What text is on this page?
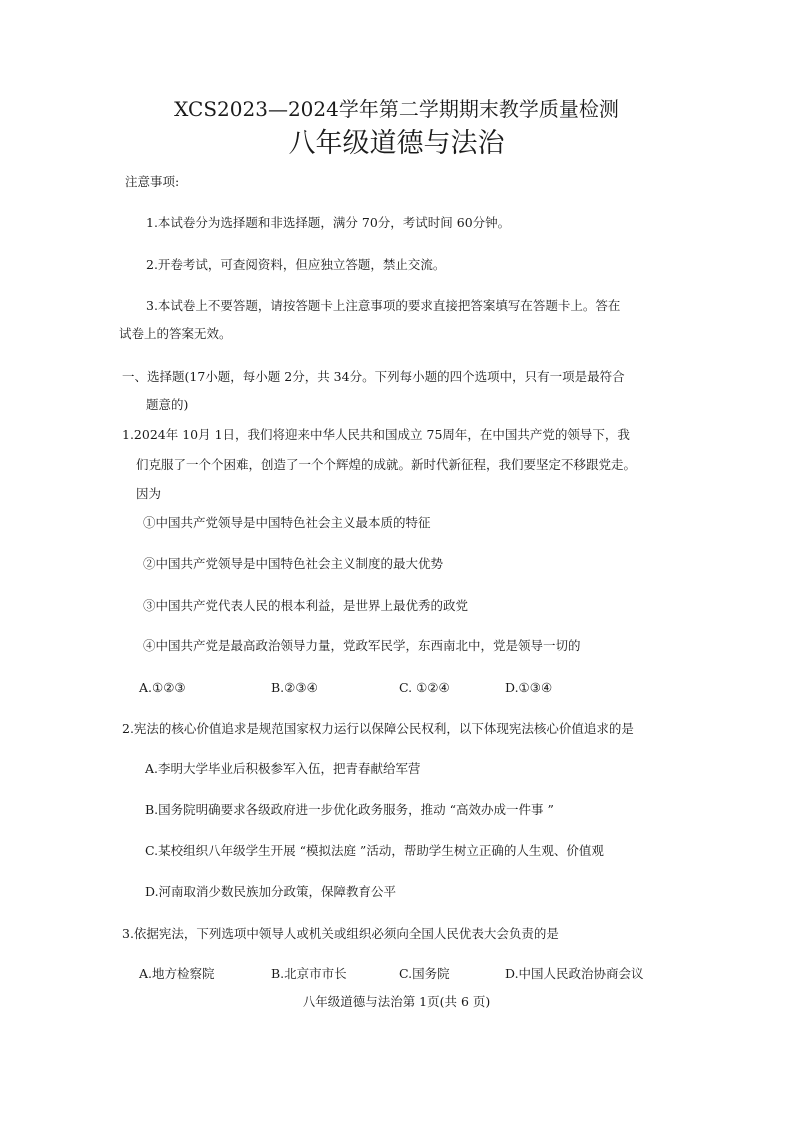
XCS2023—2024学年第二学期期末教学质量检测
八年级道德与法治
注意事项:
1.本试卷分为选择题和非选择题，满分 70分，考试时间 60分钟。
2.开卷考试，可查阅资料，但应独立答题，禁止交流。
3.本试卷上不要答题，请按答题卡上注意事项的要求直接把答案填写在答题卡上。答在
试卷上的答案无效。
一、选择题(17小题，每小题 2分，共 34分。下列每小题的四个选项中，只有一项是最符合
题意的)
1.2024年 10月 1日，我们将迎来中华人民共和国成立 75周年，在中国共产党的领导下，我
们克服了一个个困难，创造了一个个辉煌的成就。新时代新征程，我们要坚定不移跟党走。
因为
①中国共产党领导是中国特色社会主义最本质的特征
②中国共产党领导是中国特色社会主义制度的最大优势
③中国共产党代表人民的根本利益，是世界上最优秀的政党
④中国共产党是最高政治领导力量，党政军民学，东西南北中，党是领导一切的
A.①②③	B.②③④	C. ①②④	D.①③④
2.宪法的核心价值追求是规范国家权力运行以保障公民权利，以下体现宪法核心价值追求的是
A.李明大学毕业后积极参军入伍，把青春献给军营
B.国务院明确要求各级政府进一步优化政务服务，推动 “高效办成一件事 ”
C.某校组织八年级学生开展 “模拟法庭 ”活动，帮助学生树立正确的人生观、价值观
D.河南取消少数民族加分政策，保障教育公平
3.依据宪法，下列选项中领导人或机关或组织必须向全国人民优表大会负责的是
A.地方检察院	B.北京市市长	C.国务院	D.中国人民政治协商会议
八年级道德与法治第 1页(共 6 页)
